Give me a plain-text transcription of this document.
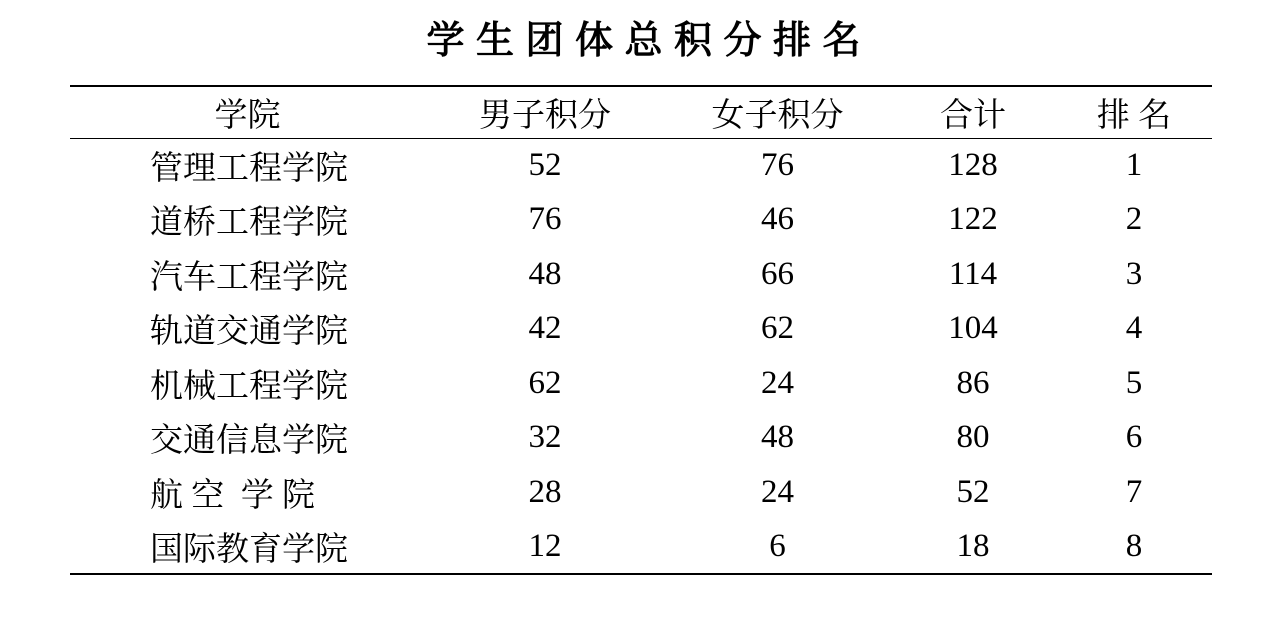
学 生 团 体 总 积 分 排 名
学院	男子积分	女子积分	合计	排 名
管理工程学院	52	76	128	1
道桥工程学院	76	46	122	2
汽车工程学院	48	66	114	3
轨道交通学院	42	62	104	4
机械工程学院	62	24	86	5
交通信息学院	32	48	80	6
航 空  学 院	28	24	52	7
国际教育学院	12	6	18	8
